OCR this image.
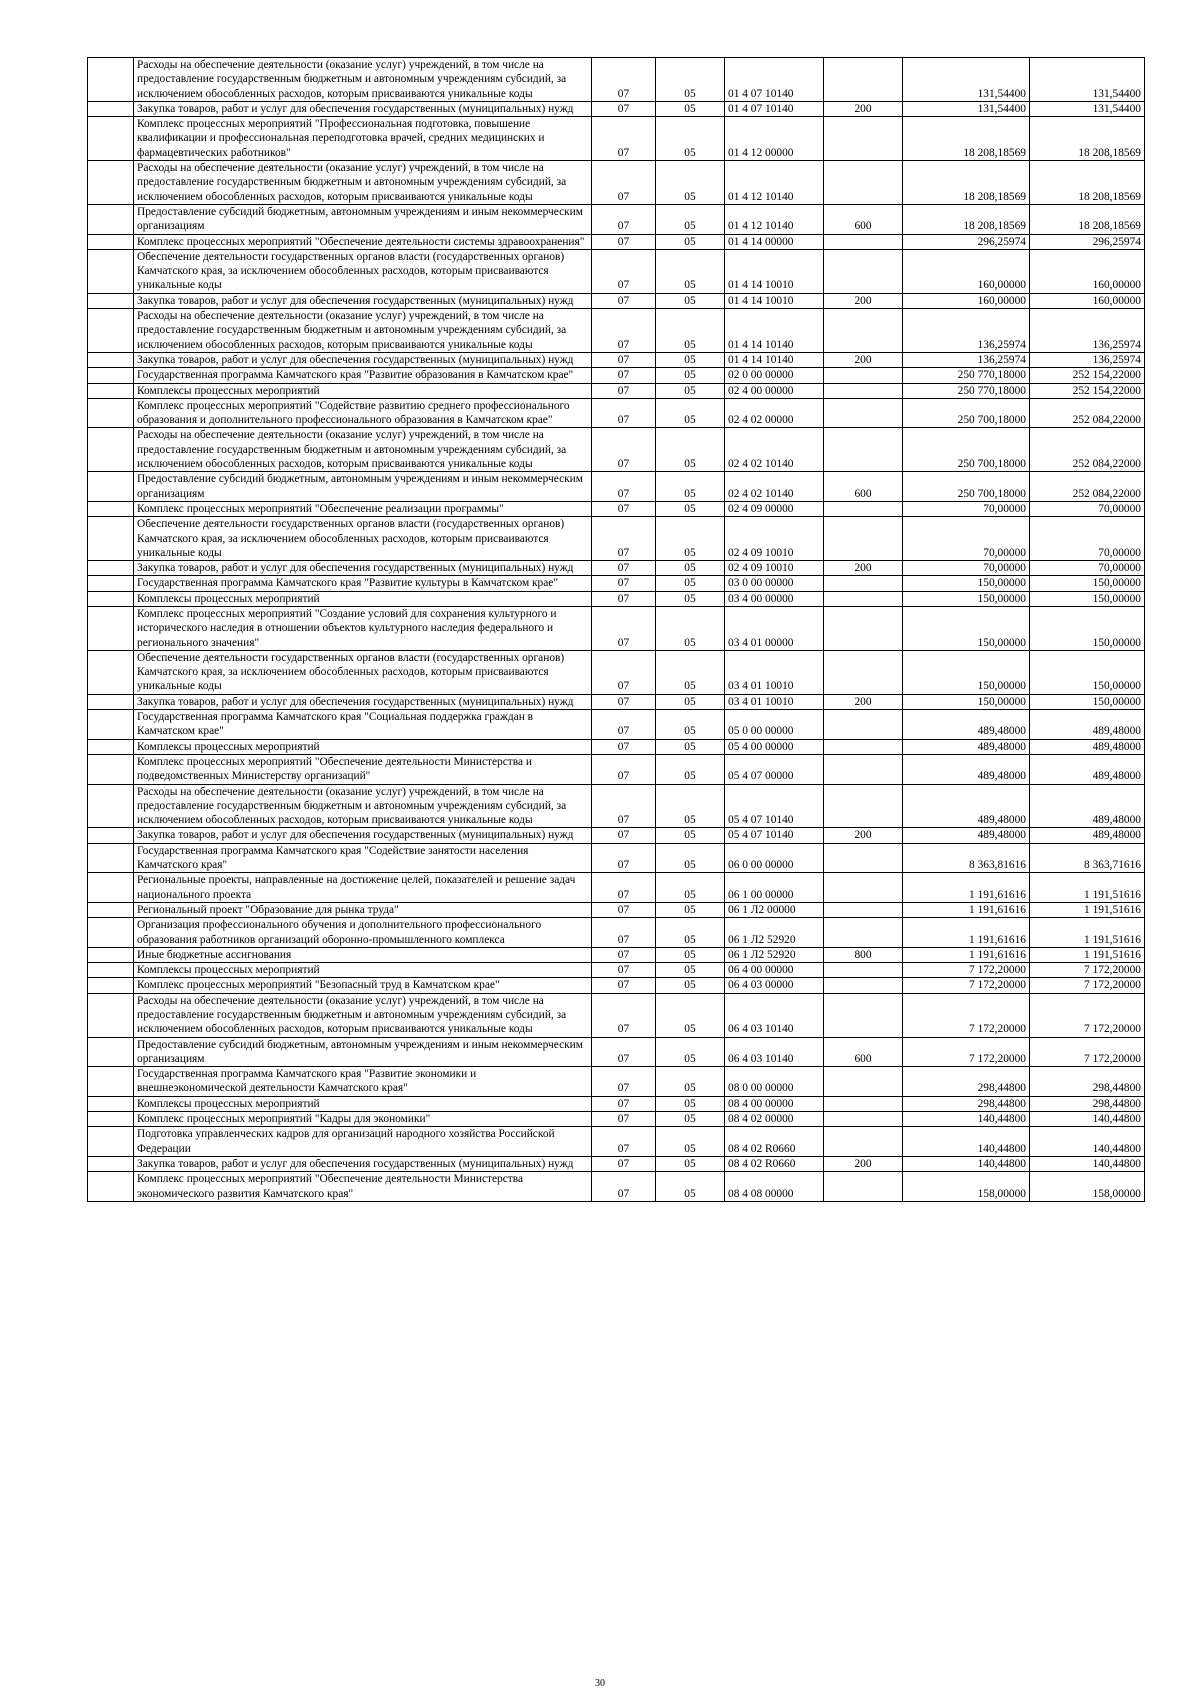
	Расходы на обеспечение деятельности (оказание услуг) учреждений, в том числе на предоставление государственным бюджетным и автономным учреждениям субсидий, за исключением обособленных расходов, которым присваиваются уникальные коды	07	05	01 4 07 10140		131,54400	131,54400
	Закупка товаров, работ и услуг для обеспечения государственных (муниципальных) нужд	07	05	01 4 07 10140	200	131,54400	131,54400
	Комплекс процессных мероприятий "Профессиональная подготовка, повышение квалификации и профессиональная переподготовка врачей, средних медицинских и фармацевтических работников"	07	05	01 4 12 00000		18 208,18569	18 208,18569
	Расходы на обеспечение деятельности (оказание услуг) учреждений, в том числе на предоставление государственным бюджетным и автономным учреждениям субсидий, за исключением обособленных расходов, которым присваиваются уникальные коды	07	05	01 4 12 10140		18 208,18569	18 208,18569
	Предоставление субсидий бюджетным, автономным учреждениям и иным некоммерческим организациям	07	05	01 4 12 10140	600	18 208,18569	18 208,18569
	Комплекс процессных мероприятий "Обеспечение деятельности системы здравоохранения"	07	05	01 4 14 00000		296,25974	296,25974
	Обеспечение деятельности государственных органов власти (государственных органов) Камчатского края, за исключением обособленных расходов, которым присваиваются уникальные коды	07	05	01 4 14 10010		160,00000	160,00000
	Закупка товаров, работ и услуг для обеспечения государственных (муниципальных) нужд	07	05	01 4 14 10010	200	160,00000	160,00000
	Расходы на обеспечение деятельности (оказание услуг) учреждений, в том числе на предоставление государственным бюджетным и автономным учреждениям субсидий, за исключением обособленных расходов, которым присваиваются уникальные коды	07	05	01 4 14 10140		136,25974	136,25974
	Закупка товаров, работ и услуг для обеспечения государственных (муниципальных) нужд	07	05	01 4 14 10140	200	136,25974	136,25974
	Государственная программа Камчатского края "Развитие образования в Камчатском крае"	07	05	02 0 00 00000		250 770,18000	252 154,22000
	Комплексы процессных мероприятий	07	05	02 4 00 00000		250 770,18000	252 154,22000
	Комплекс процессных мероприятий "Содействие развитию среднего профессионального образования и дополнительного профессионального образования в Камчатском крае"	07	05	02 4 02 00000		250 700,18000	252 084,22000
	Расходы на обеспечение деятельности (оказание услуг) учреждений, в том числе на предоставление государственным бюджетным и автономным учреждениям субсидий, за исключением обособленных расходов, которым присваиваются уникальные коды	07	05	02 4 02 10140		250 700,18000	252 084,22000
	Предоставление субсидий бюджетным, автономным учреждениям и иным некоммерческим организациям	07	05	02 4 02 10140	600	250 700,18000	252 084,22000
	Комплекс процессных мероприятий "Обеспечение реализации программы"	07	05	02 4 09 00000		70,00000	70,00000
	Обеспечение деятельности государственных органов власти (государственных органов) Камчатского края, за исключением обособленных расходов, которым присваиваются уникальные коды	07	05	02 4 09 10010		70,00000	70,00000
	Закупка товаров, работ и услуг для обеспечения государственных (муниципальных) нужд	07	05	02 4 09 10010	200	70,00000	70,00000
	Государственная программа Камчатского края "Развитие культуры в Камчатском крае"	07	05	03 0 00 00000		150,00000	150,00000
	Комплексы процессных мероприятий	07	05	03 4 00 00000		150,00000	150,00000
	Комплекс процессных мероприятий "Создание условий для сохранения культурного и исторического наследия в отношении объектов культурного наследия федерального и регионального значения"	07	05	03 4 01 00000		150,00000	150,00000
	Обеспечение деятельности государственных органов власти (государственных органов) Камчатского края, за исключением обособленных расходов, которым присваиваются уникальные коды	07	05	03 4 01 10010		150,00000	150,00000
	Закупка товаров, работ и услуг для обеспечения государственных (муниципальных) нужд	07	05	03 4 01 10010	200	150,00000	150,00000
	Государственная программа Камчатского края "Социальная поддержка граждан в Камчатском крае"	07	05	05 0 00 00000		489,48000	489,48000
	Комплексы процессных мероприятий	07	05	05 4 00 00000		489,48000	489,48000
	Комплекс процессных мероприятий "Обеспечение деятельности Министерства и подведомственных Министерству организаций"	07	05	05 4 07 00000		489,48000	489,48000
	Расходы на обеспечение деятельности (оказание услуг) учреждений, в том числе на предоставление государственным бюджетным и автономным учреждениям субсидий, за исключением обособленных расходов, которым присваиваются уникальные коды	07	05	05 4 07 10140		489,48000	489,48000
	Закупка товаров, работ и услуг для обеспечения государственных (муниципальных) нужд	07	05	05 4 07 10140	200	489,48000	489,48000
	Государственная программа Камчатского края "Содействие занятости населения Камчатского края"	07	05	06 0 00 00000		8 363,81616	8 363,71616
	Региональные проекты, направленные на достижение целей, показателей и решение задач национального проекта	07	05	06 1 00 00000		1 191,61616	1 191,51616
	Региональный проект "Образование для рынка труда"	07	05	06 1 Л2 00000		1 191,61616	1 191,51616
	Организация профессионального обучения и дополнительного профессионального образования работников организаций оборонно-промышленного комплекса	07	05	06 1 Л2 52920		1 191,61616	1 191,51616
	Иные бюджетные ассигнования	07	05	06 1 Л2 52920	800	1 191,61616	1 191,51616
	Комплексы процессных мероприятий	07	05	06 4 00 00000		7 172,20000	7 172,20000
	Комплекс процессных мероприятий "Безопасный труд в Камчатском крае"	07	05	06 4 03 00000		7 172,20000	7 172,20000
	Расходы на обеспечение деятельности (оказание услуг) учреждений, в том числе на предоставление государственным бюджетным и автономным учреждениям субсидий, за исключением обособленных расходов, которым присваиваются уникальные коды	07	05	06 4 03 10140		7 172,20000	7 172,20000
	Предоставление субсидий бюджетным, автономным учреждениям и иным некоммерческим организациям	07	05	06 4 03 10140	600	7 172,20000	7 172,20000
	Государственная программа Камчатского края "Развитие экономики и внешнеэкономической деятельности Камчатского края"	07	05	08 0 00 00000		298,44800	298,44800
	Комплексы процессных мероприятий	07	05	08 4 00 00000		298,44800	298,44800
	Комплекс процессных мероприятий "Кадры для экономики"	07	05	08 4 02 00000		140,44800	140,44800
	Подготовка управленческих кадров для организаций народного хозяйства Российской Федерации	07	05	08 4 02 R0660		140,44800	140,44800
	Закупка товаров, работ и услуг для обеспечения государственных (муниципальных) нужд	07	05	08 4 02 R0660	200	140,44800	140,44800
	Комплекс процессных мероприятий "Обеспечение деятельности Министерства экономического развития Камчатского края"	07	05	08 4 08 00000		158,00000	158,00000
30
